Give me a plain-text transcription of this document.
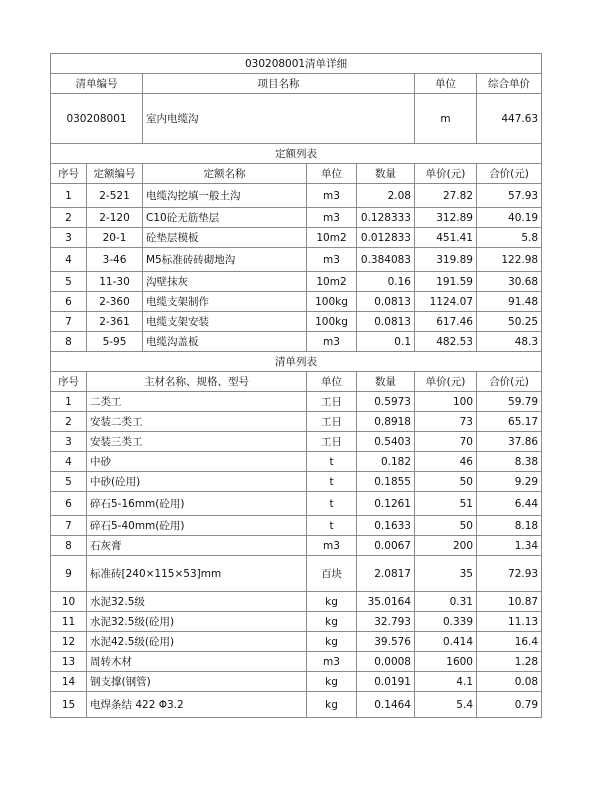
030208001清单详细						
清单编号		项目名称			单位	综合单价
030208001		室内电缆沟			m	447.63
定额列表						
序号	定额编号	定额名称	单位	数量	单价(元)	合价(元)
1	2-521	电缆沟挖填一般土沟	m3	2.08	27.82	57.93
2	2-120	C10砼无筋垫层	m3	0.128333	312.89	40.19
3	20-1	砼垫层模板	10m2	0.012833	451.41	5.8
4	3-46	M5标准砖砖砌地沟	m3	0.384083	319.89	122.98
5	11-30	沟壁抹灰	10m2	0.16	191.59	30.68
6	2-360	电缆支架制作	100kg	0.0813	1124.07	91.48
7	2-361	电缆支架安装	100kg	0.0813	617.46	50.25
8	5-95	电缆沟盖板	m3	0.1	482.53	48.3
清单列表						
序号	主材名称、规格、型号		单位	数量	单价(元)	合价(元)
1	二类工		工日	0.5973	100	59.79
2	安装二类工		工日	0.8918	73	65.17
3	安装三类工		工日	0.5403	70	37.86
4	中砂		t	0.182	46	8.38
5	中砂(砼用)		t	0.1855	50	9.29
6	碎石5-16mm(砼用)		t	0.1261	51	6.44
7	碎石5-40mm(砼用)		t	0.1633	50	8.18
8	石灰膏		m3	0.0067	200	1.34
9	标准砖[240×115×53]mm		百块	2.0817	35	72.93
10	水泥32.5级		kg	35.0164	0.31	10.87
11	水泥32.5级(砼用)		kg	32.793	0.339	11.13
12	水泥42.5级(砼用)		kg	39.576	0.414	16.4
13	周转木材		m3	0.0008	1600	1.28
14	钢支撑(钢管)		kg	0.0191	4.1	0.08
15	电焊条结 422 Φ3.2		kg	0.1464	5.4	0.79
